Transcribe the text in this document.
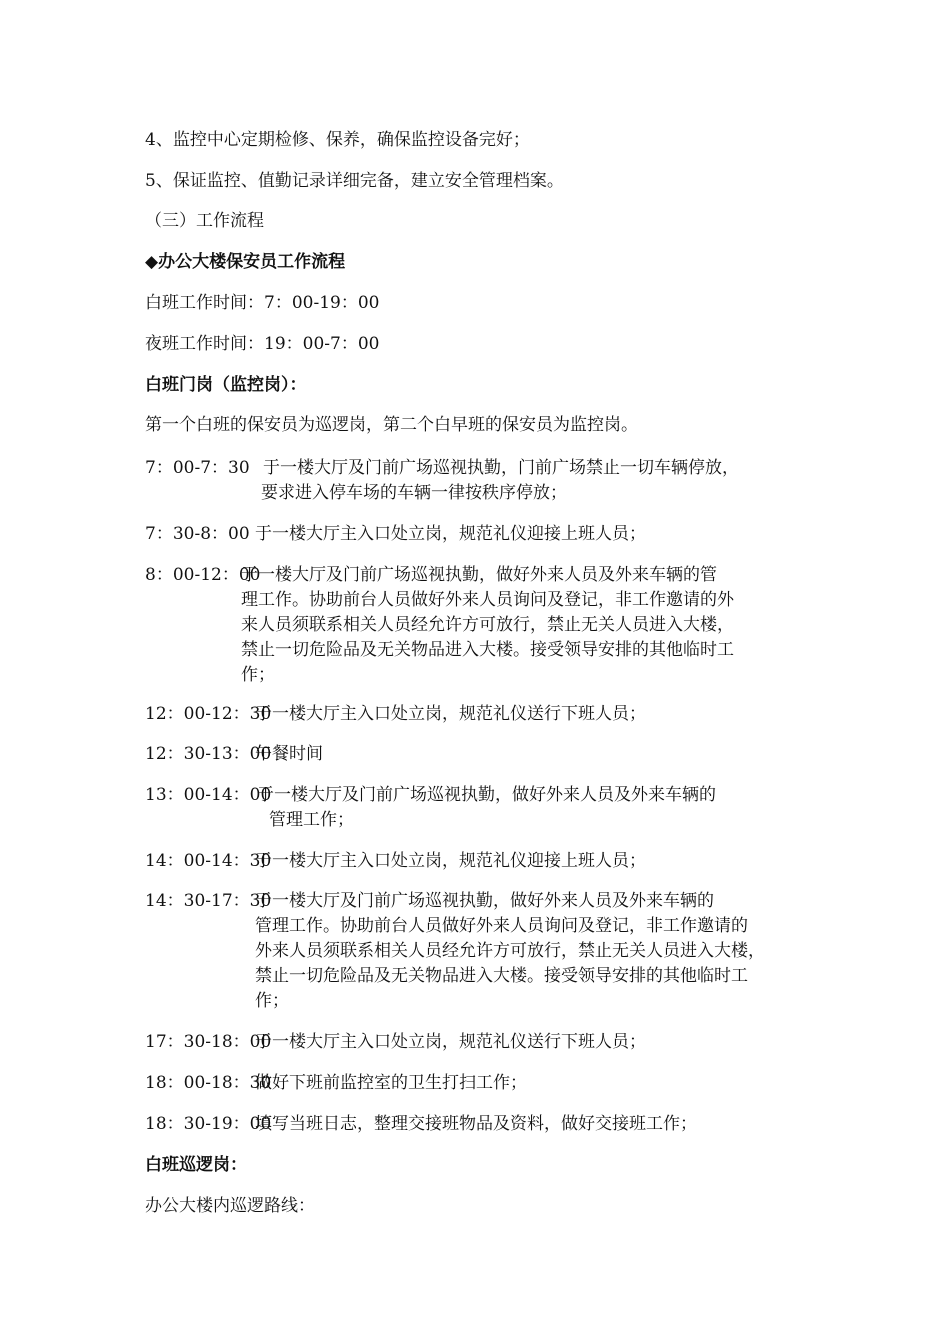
4、监控中心定期检修、保养，确保监控设备完好；
5、保证监控、值勤记录详细完备，建立安全管理档案。
（三）工作流程
◆办公大楼保安员工作流程
白班工作时间：7：00-19：00
夜班工作时间：19：00-7：00
白班门岗（监控岗）：
第一个白班的保安员为巡逻岗，第二个白早班的保安员为监控岗。
7：00-7：30 于一楼大厅及门前广场巡视执勤，门前广场禁止一切车辆停放，
要求进入停车场的车辆一律按秩序停放；
7：30-8：00 于一楼大厅主入口处立岗，规范礼仪迎接上班人员；
8：00-12：00
于一楼大厅及门前广场巡视执勤，做好外来人员及外来车辆的管
理工作。协助前台人员做好外来人员询问及登记，非工作邀请的外
来人员须联系相关人员经允许方可放行，禁止无关人员进入大楼，
禁止一切危险品及无关物品进入大楼。接受领导安排的其他临时工
作；
12：00-12：30
于一楼大厅主入口处立岗，规范礼仪送行下班人员；
12：30-13：00
午餐时间
13：00-14：00
于一楼大厅及门前广场巡视执勤，做好外来人员及外来车辆的
管理工作；
14：00-14：30
于一楼大厅主入口处立岗，规范礼仪迎接上班人员；
14：30-17：30
于一楼大厅及门前广场巡视执勤，做好外来人员及外来车辆的
管理工作。协助前台人员做好外来人员询问及登记，非工作邀请的
外来人员须联系相关人员经允许方可放行，禁止无关人员进入大楼，
禁止一切危险品及无关物品进入大楼。接受领导安排的其他临时工
作；
17：30-18：00
于一楼大厅主入口处立岗，规范礼仪送行下班人员；
18：00-18：30
做好下班前监控室的卫生打扫工作；
18：30-19：00
填写当班日志，整理交接班物品及资料，做好交接班工作；
白班巡逻岗：
办公大楼内巡逻路线：
